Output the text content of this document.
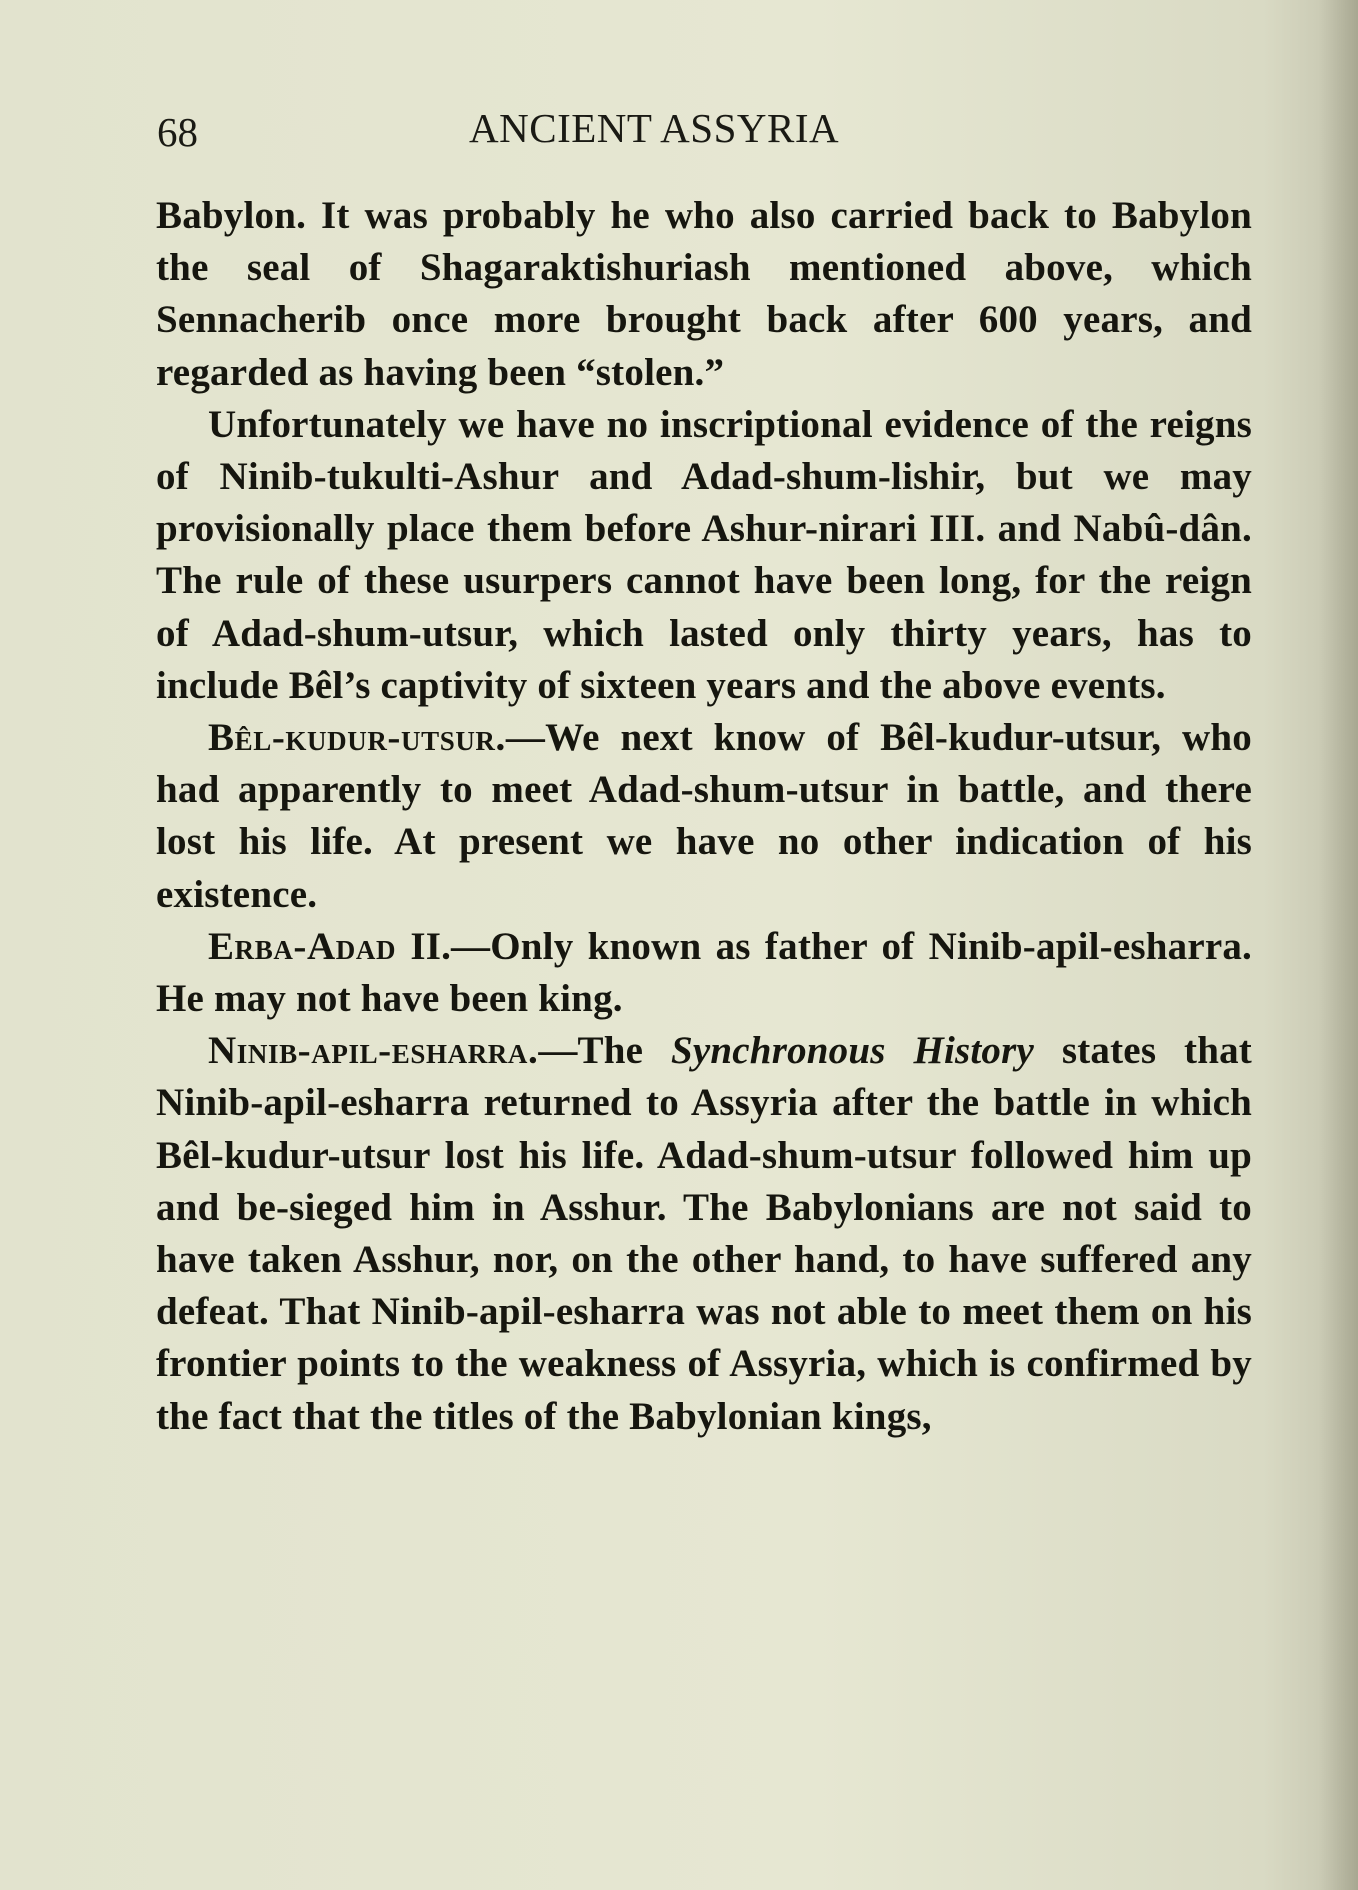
68	ANCIENT ASSYRIA

Babylon. It was probably he who also carried back to Babylon the seal of Shagaraktishuriash mentioned above, which Sennacherib once more brought back after 600 years, and regarded as having been “stolen.”

Unfortunately we have no inscriptional evidence of the reigns of Ninib-tukulti-Ashur and Adad-shum-lishir, but we may provisionally place them before Ashur-nirari III. and Nabû-dân. The rule of these usurpers cannot have been long, for the reign of Adad-shum-utsur, which lasted only thirty years, has to include Bêl’s captivity of sixteen years and the above events.

Bêl-kudur-utsur.—We next know of Bêl-kudur-utsur, who had apparently to meet Adad-shum-utsur in battle, and there lost his life. At present we have no other indication of his existence.

Erba-Adad II.—Only known as father of Ninib-apil-esharra. He may not have been king.

Ninib-apil-esharra.—The Synchronous History states that Ninib-apil-esharra returned to Assyria after the battle in which Bêl-kudur-utsur lost his life. Adad-shum-utsur followed him up and be-sieged him in Asshur. The Babylonians are not said to have taken Asshur, nor, on the other hand, to have suffered any defeat. That Ninib-apil-esharra was not able to meet them on his frontier points to the weakness of Assyria, which is confirmed by the fact that the titles of the Babylonian kings,
